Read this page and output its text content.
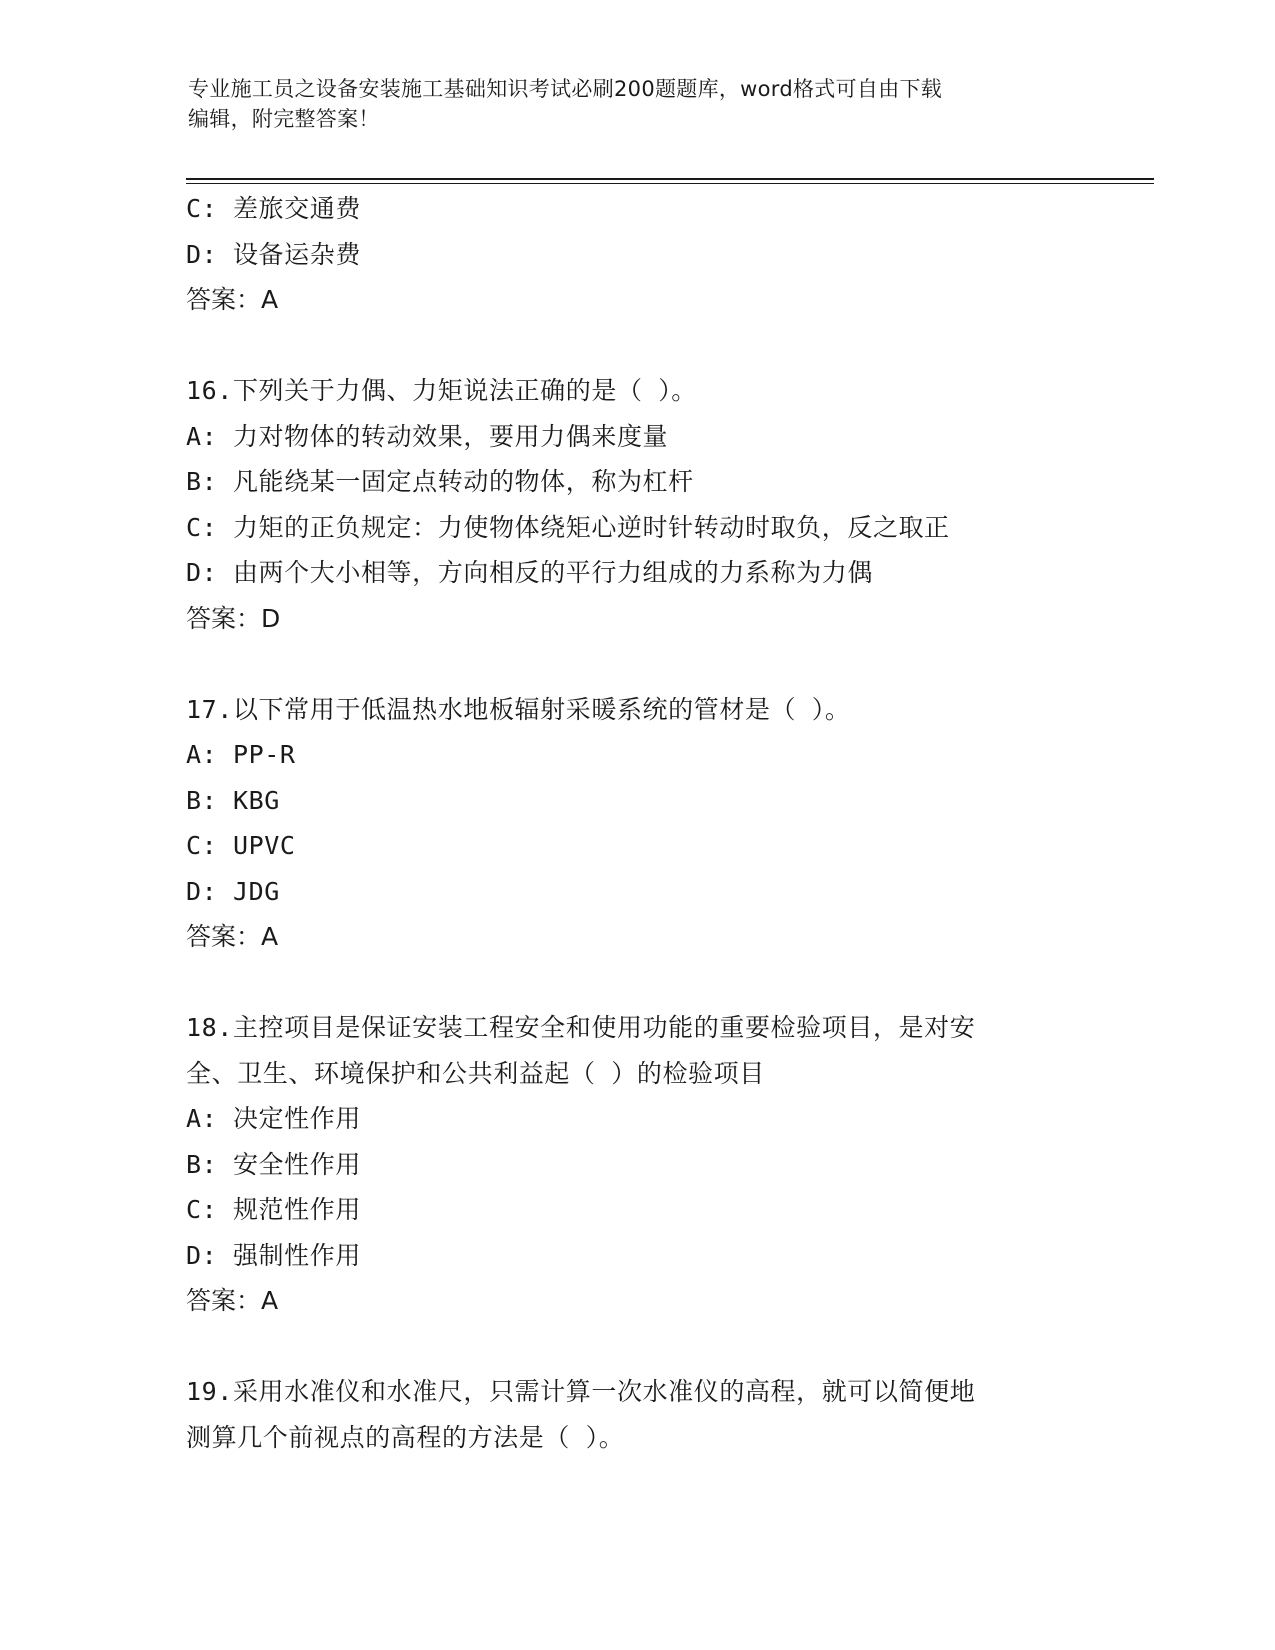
专业施工员之设备安装施工基础知识考试必刷200题题库，word格式可自由下载
编辑，附完整答案！
C: 差旅交通费
D: 设备运杂费
答案：A
16.下列关于力偶、力矩说法正确的是（ ）。
A: 力对物体的转动效果，要用力偶来度量
B: 凡能绕某一固定点转动的物体，称为杠杆
C: 力矩的正负规定：力使物体绕矩心逆时针转动时取负，反之取正
D: 由两个大小相等，方向相反的平行力组成的力系称为力偶
答案：D
17.以下常用于低温热水地板辐射采暖系统的管材是（ ）。
A: PP-R
B: KBG
C: UPVC
D: JDG
答案：A
18.主控项目是保证安装工程安全和使用功能的重要检验项目，是对安
全、卫生、环境保护和公共利益起（ ）的检验项目
A: 决定性作用
B: 安全性作用
C: 规范性作用
D: 强制性作用
答案：A
19.采用水准仪和水准尺，只需计算一次水准仪的高程，就可以简便地
测算几个前视点的高程的方法是（ ）。
